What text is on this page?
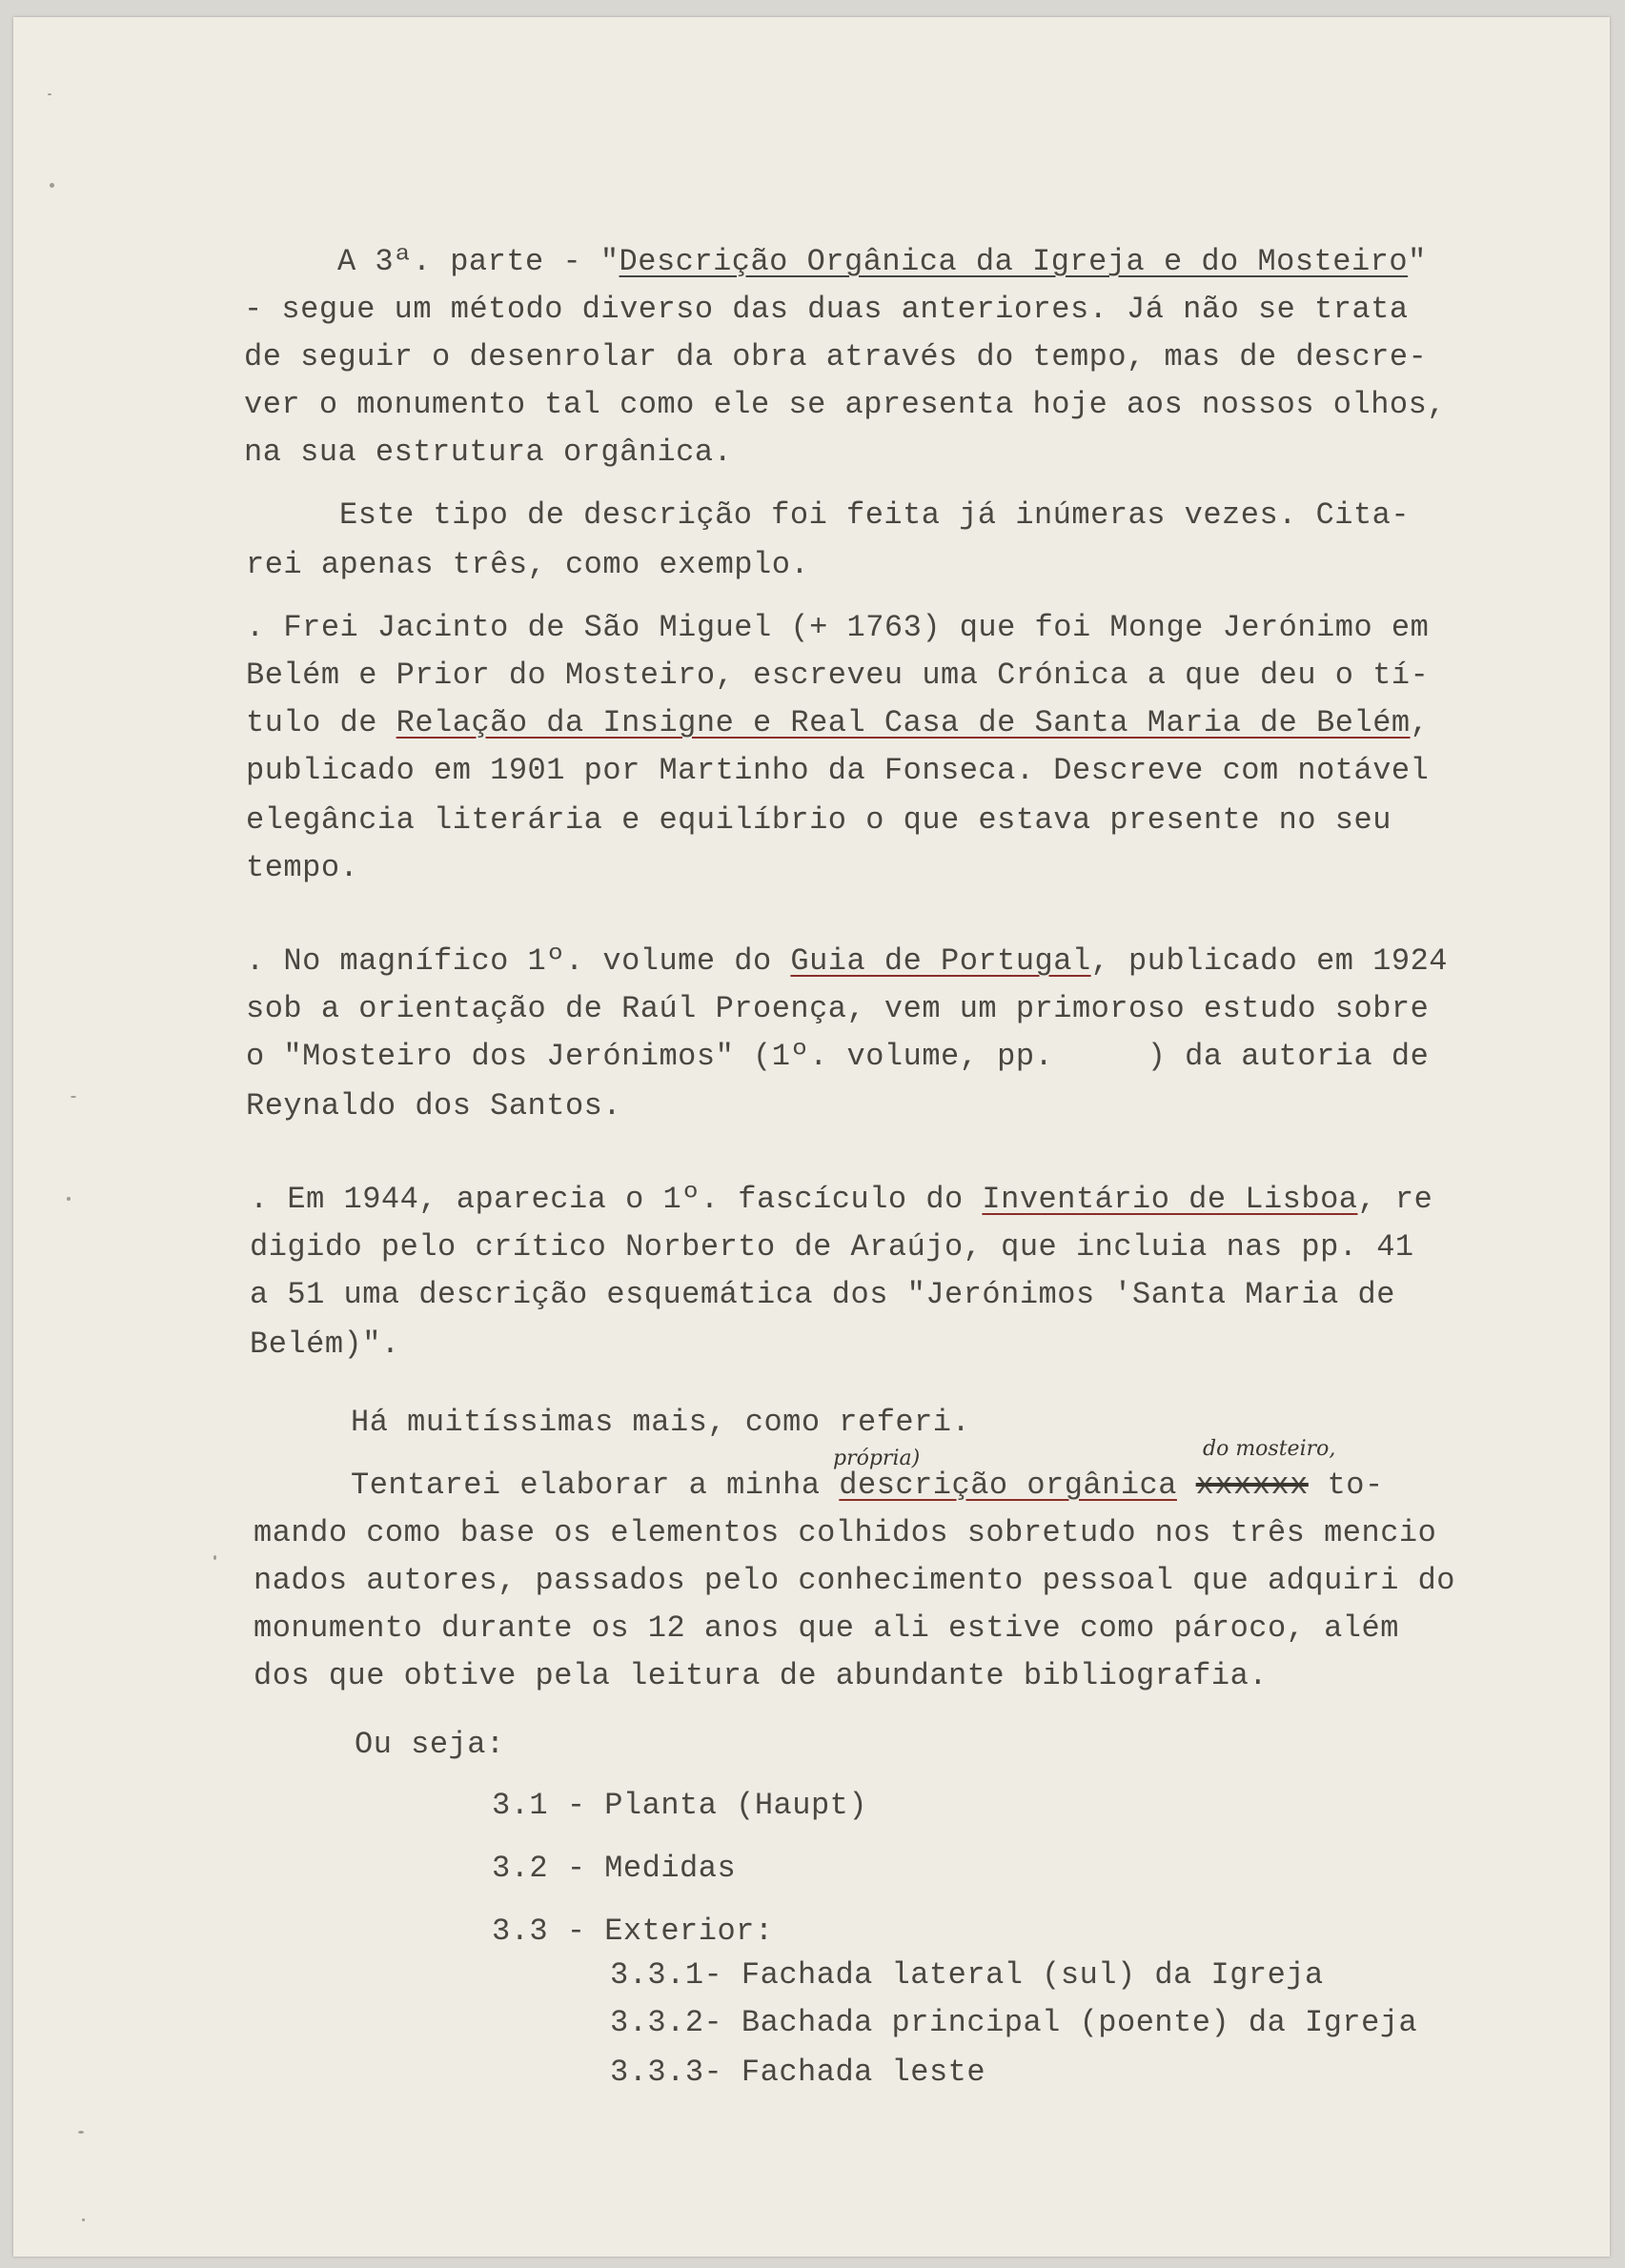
A 3ª. parte - "Descrição Orgânica da Igreja e do Mosteiro"
- segue um método diverso das duas anteriores. Já não se trata
de seguir o desenrolar da obra através do tempo, mas de descre-
ver o monumento tal como ele se apresenta hoje aos nossos olhos,
na sua estrutura orgânica.
Este tipo de descrição foi feita já inúmeras vezes. Cita-
rei apenas três, como exemplo.
. Frei Jacinto de São Miguel (+ 1763) que foi Monge Jerónimo em
Belém e Prior do Mosteiro, escreveu uma Crónica a que deu o tí-
tulo de Relação da Insigne e Real Casa de Santa Maria de Belém,
publicado em 1901 por Martinho da Fonseca. Descreve com notável
elegância literária e equilíbrio o que estava presente no seu
tempo.
. No magnífico 1º. volume do Guia de Portugal, publicado em 1924
sob a orientação de Raúl Proença, vem um primoroso estudo sobre
o "Mosteiro dos Jerónimos" (1º. volume, pp.     ) da autoria de
Reynaldo dos Santos.
. Em 1944, aparecia o 1º. fascículo do Inventário de Lisboa, re
digido pelo crítico Norberto de Araújo, que incluia nas pp. 41
a 51 uma descrição esquemática dos "Jerónimos 'Santa Maria de
Belém)".
Há muitíssimas mais, como referi.
própria)	do mosteiro,
Tentarei elaborar a minha descrição orgânica xxxxxx to-
mando como base os elementos colhidos sobretudo nos três mencio
nados autores, passados pelo conhecimento pessoal que adquiri do
monumento durante os 12 anos que ali estive como pároco, além
dos que obtive pela leitura de abundante bibliografia.
Ou seja:
3.1 - Planta (Haupt)
3.2 - Medidas
3.3 - Exterior:
3.3.1- Fachada lateral (sul) da Igreja
3.3.2- Bachada principal (poente) da Igreja
3.3.3- Fachada leste
